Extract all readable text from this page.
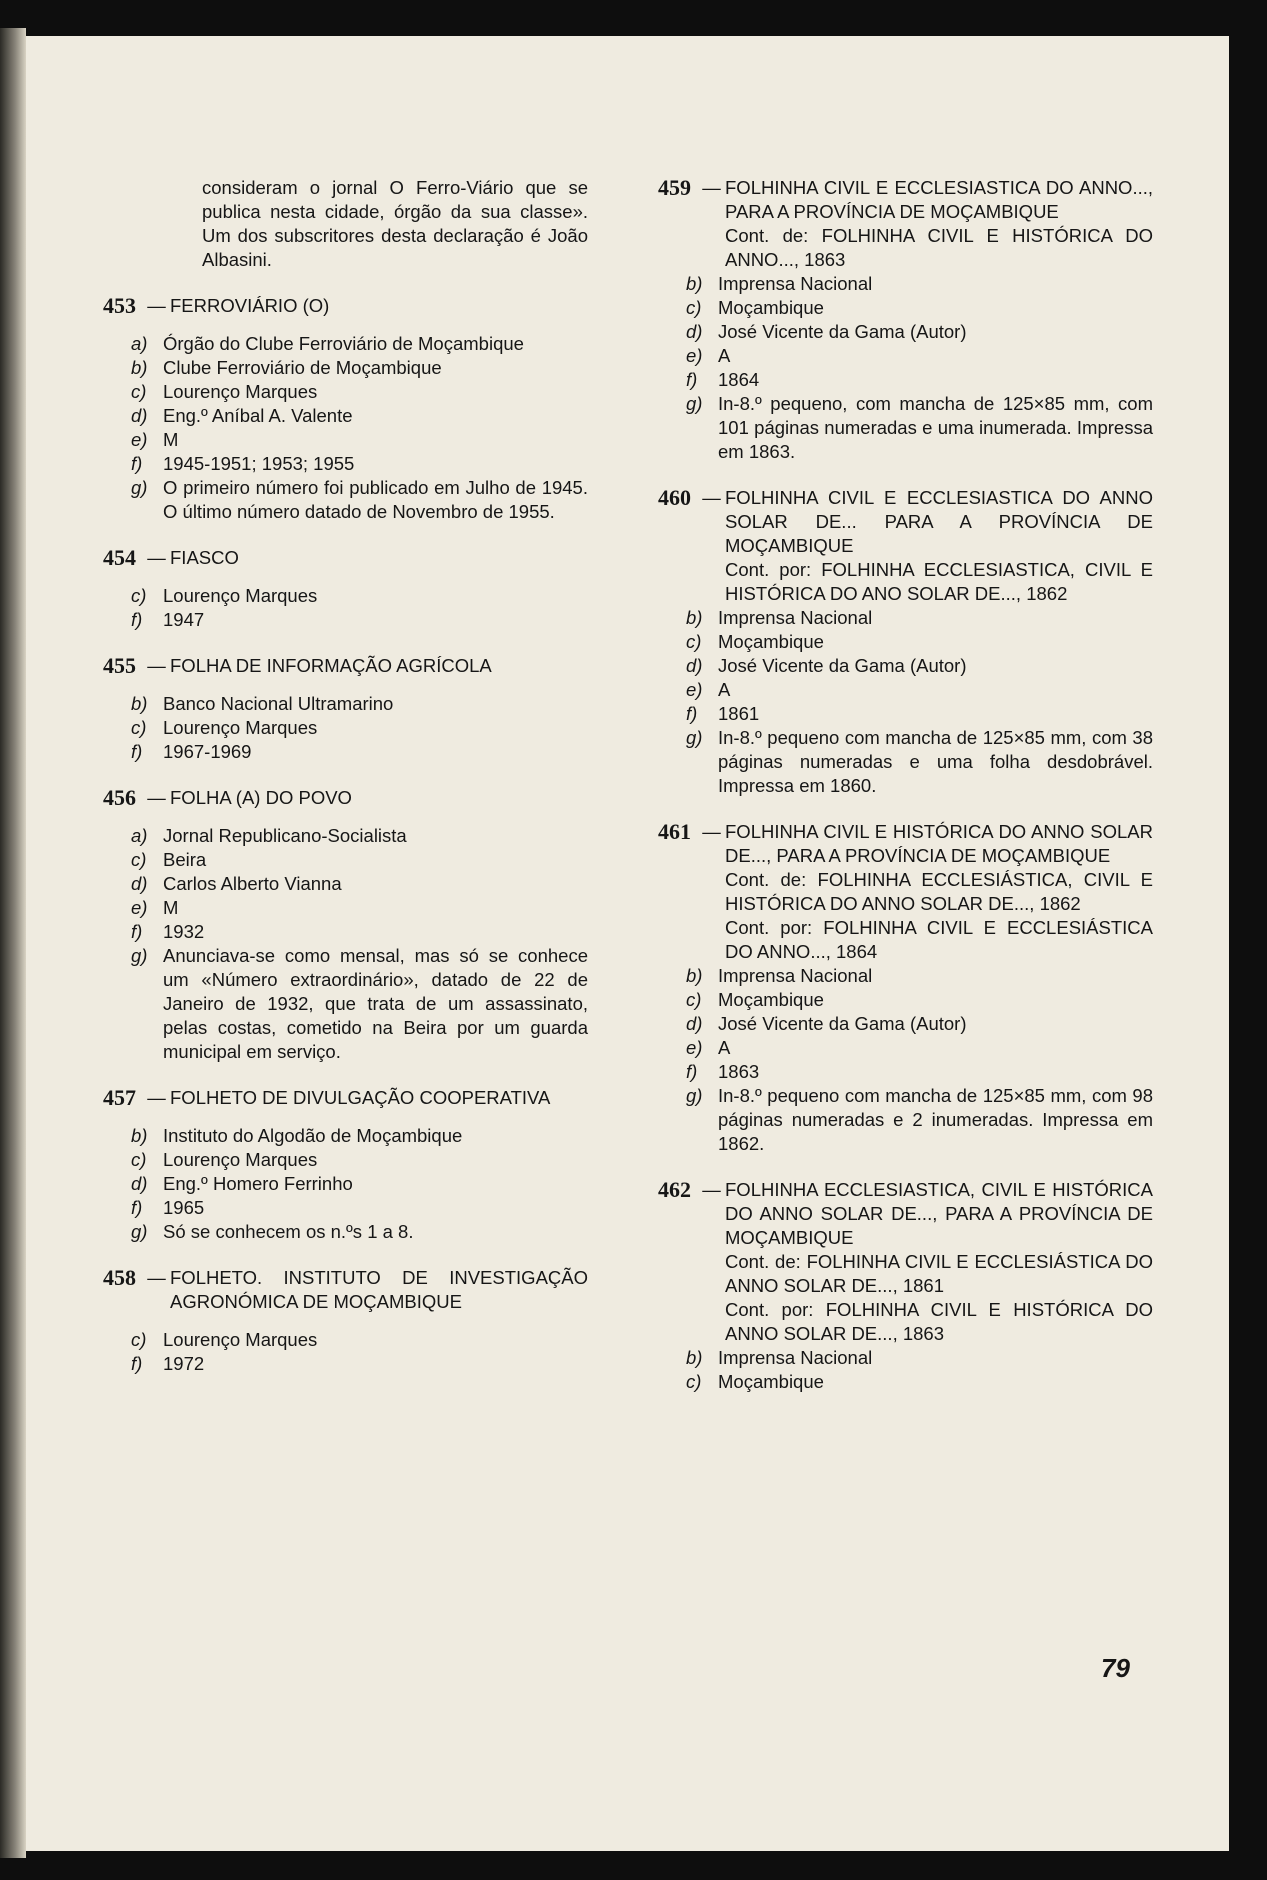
consideram o jornal O Ferro-Viário que se publica nesta cidade, órgão da sua classe». Um dos subscritores desta declaração é João Albasini.
453 — FERROVIÁRIO (O)
a) Órgão do Clube Ferroviário de Moçambique
b) Clube Ferroviário de Moçambique
c) Lourenço Marques
d) Eng.º Aníbal A. Valente
e) M
f)	1945-1951; 1953; 1955
g) O primeiro número foi publicado em Julho de 1945. O último número datado de Novembro de 1955.
454 — FIASCO
c) Lourenço Marques
f)	1947
455 — FOLHA DE INFORMAÇÃO AGRÍCOLA
b) Banco Nacional Ultramarino
c) Lourenço Marques
f)	1967-1969
456 — FOLHA (A) DO POVO
a) Jornal Republicano-Socialista
c) Beira
d) Carlos Alberto Vianna
e) M
f)	1932
g) Anunciava-se como mensal, mas só se conhece um «Número extraordinário», datado de 22 de Janeiro de 1932, que trata de um assassinato, pelas costas, cometido na Beira por um guarda municipal em serviço.
457 — FOLHETO DE DIVULGAÇÃO COOPERATIVA
b) Instituto do Algodão de Moçambique
c) Lourenço Marques
d) Eng.º Homero Ferrinho
f)	1965
g) Só se conhecem os n.ºs 1 a 8.
458 — FOLHETO. INSTITUTO DE INVESTIGAÇÃO AGRONÓMICA DE MOÇAMBIQUE
c) Lourenço Marques
f)	1972
459 — FOLHINHA CIVIL E ECCLESIASTICA DO ANNO..., PARA A PROVÍNCIA DE MOÇAMBIQUE
Cont. de: FOLHINHA CIVIL E HISTÓRICA DO ANNO..., 1863
b) Imprensa Nacional
c) Moçambique
d) José Vicente da Gama (Autor)
e) A
f)	1864
g) In-8.º pequeno, com mancha de 125×85 mm, com 101 páginas numeradas e uma inumerada. Impressa em 1863.
460 — FOLHINHA CIVIL E ECCLESIASTICA DO ANNO SOLAR DE... PARA A PROVÍNCIA DE MOÇAMBIQUE
Cont. por: FOLHINHA ECCLESIASTICA, CIVIL E HISTÓRICA DO ANO SOLAR DE..., 1862
b) Imprensa Nacional
c) Moçambique
d) José Vicente da Gama (Autor)
e) A
f)	1861
g) In-8.º pequeno com mancha de 125×85 mm, com 38 páginas numeradas e uma folha desdobrável. Impressa em 1860.
461 — FOLHINHA CIVIL E HISTÓRICA DO ANNO SOLAR DE..., PARA A PROVÍNCIA DE MOÇAMBIQUE
Cont. de: FOLHINHA ECCLESIÁSTICA, CIVIL E HISTÓRICA DO ANNO SOLAR DE..., 1862
Cont. por: FOLHINHA CIVIL E ECCLESIÁSTICA DO ANNO..., 1864
b) Imprensa Nacional
c) Moçambique
d) José Vicente da Gama (Autor)
e) A
f)	1863
g) In-8.º pequeno com mancha de 125×85 mm, com 98 páginas numeradas e 2 inumeradas. Impressa em 1862.
462 — FOLHINHA ECCLESIASTICA, CIVIL E HISTÓRICA DO ANNO SOLAR DE..., PARA A PROVÍNCIA DE MOÇAMBIQUE
Cont. de: FOLHINHA CIVIL E ECCLESIÁSTICA DO ANNO SOLAR DE..., 1861
Cont. por: FOLHINHA CIVIL E HISTÓRICA DO ANNO SOLAR DE..., 1863
b) Imprensa Nacional
c) Moçambique
79
